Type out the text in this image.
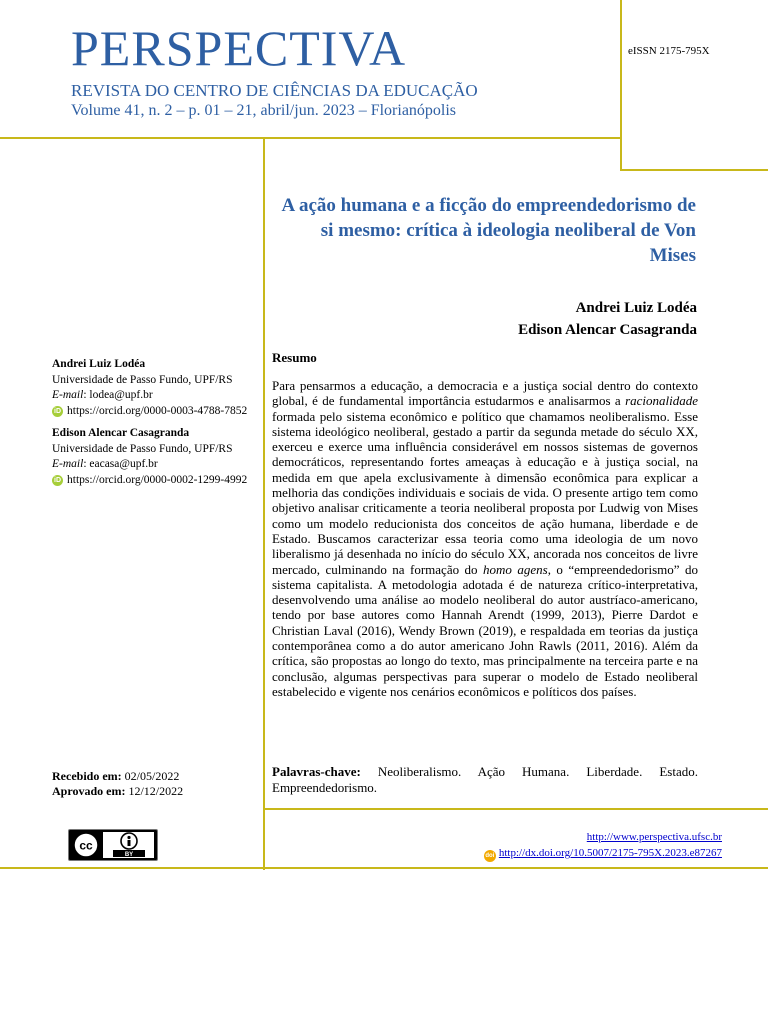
PERSPECTIVA
REVISTA DO CENTRO DE CIÊNCIAS DA EDUCAÇÃO
Volume 41, n. 2 – p. 01 – 21, abril/jun. 2023 – Florianópolis
eISSN 2175-795X
A ação humana e a ficção do empreendedorismo de si mesmo: crítica à ideologia neoliberal de Von Mises
Andrei Luiz Lodéa
Edison Alencar Casagranda
Andrei Luiz Lodéa
Universidade de Passo Fundo, UPF/RS
E-mail: lodea@upf.br
iD https://orcid.org/0000-0003-4788-7852
Edison Alencar Casagranda
Universidade de Passo Fundo, UPF/RS
E-mail: eacasa@upf.br
iD https://orcid.org/0000-0002-1299-4992
Resumo
Para pensarmos a educação, a democracia e a justiça social dentro do contexto global, é de fundamental importância estudarmos e analisarmos a racionalidade formada pelo sistema econômico e político que chamamos neoliberalismo. Esse sistema ideológico neoliberal, gestado a partir da segunda metade do século XX, exerceu e exerce uma influência considerável em nossos sistemas de governos democráticos, representando fortes ameaças à educação e à justiça social, na medida em que apela exclusivamente à dimensão econômica para explicar a melhoria das condições individuais e sociais de vida. O presente artigo tem como objetivo analisar criticamente a teoria neoliberal proposta por Ludwig von Mises como um modelo reducionista dos conceitos de ação humana, liberdade e de Estado. Buscamos caracterizar essa teoria como uma ideologia de um novo liberalismo já desenhada no início do século XX, ancorada nos conceitos de livre mercado, culminando na formação do homo agens, o “empreendedorismo” do sistema capitalista. A metodologia adotada é de natureza crítico-interpretativa, desenvolvendo uma análise ao modelo neoliberal do autor austríaco-americano, tendo por base autores como Hannah Arendt (1999, 2013), Pierre Dardot e Christian Laval (2016), Wendy Brown (2019), e respaldada em teorias da justiça contemporânea como a do autor americano John Rawls (2011, 2016). Além da crítica, são propostas ao longo do texto, mas principalmente na terceira parte e na conclusão, algumas perspectivas para superar o modelo de Estado neoliberal estabelecido e vigente nos cenários econômicos e políticos dos países.
Palavras-chave: Neoliberalismo. Ação Humana. Liberdade. Estado. Empreendedorismo.
Recebido em: 02/05/2022
Aprovado em: 12/12/2022
cc
BY
http://www.perspectiva.ufsc.br
doi http://dx.doi.org/10.5007/2175-795X.2023.e87267
